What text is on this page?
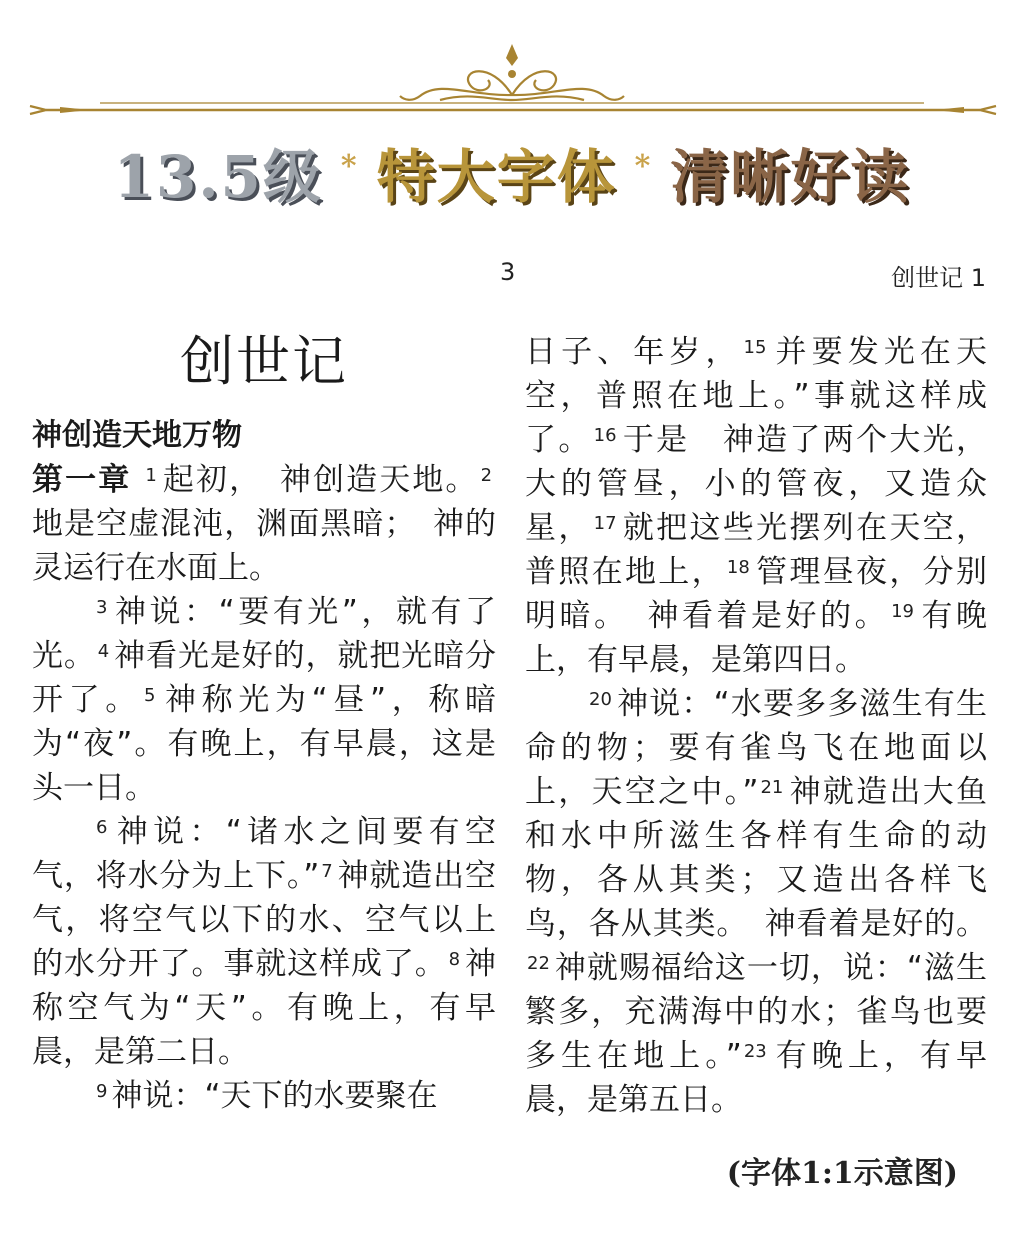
13.5级 * 特大字体 * 清晰好读
3	创世记 1
创世记
神创造天地万物

第一章 $^1$ 起初，　神创造天地。 $^2$地是空虚混沌，渊面黑暗；　神的灵运行在水面上。

$^3$ 神说：“要有光”，就有了光。 $^4$ 神看光是好的，就把光暗分开了。 $^5$ 神称光为“昼”，称暗为“夜”。有晚上，有早晨，这是头一日。

$^6$ 神说：“诸水之间要有空气，将水分为上下。” $^7$ 神就造出空气，将空气以下的水、空气以上的水分开了。事就这样成了。 $^8$ 神称空气为“天”。有晚上，有早晨，是第二日。

$^9$ 神说：“天下的水要聚在

日子、年岁， $^{15}$ 并要发光在天空，普照在地上。”事就这样成了。 $^{16}$ 于是　神造了两个大光，大的管昼，小的管夜，又造众星， $^{17}$ 就把这些光摆列在天空，普照在地上， $^{18}$ 管理昼夜，分别明暗。　神看着是好的。 $^{19}$ 有晚上，有早晨，是第四日。

$^{20}$ 神说：“水要多多滋生有生命的物；要有雀鸟飞在地面以上，天空之中。” $^{21}$ 神就造出大鱼和水中所滋生各样有生命的动物，各从其类；又造出各样飞鸟，各从其类。　神看着是好的。$^{22}$ 神就赐福给这一切，说：“滋生繁多，充满海中的水；雀鸟也要多生在地上。” $^{23}$ 有晚上，有早晨，是第五日。

(字体1:1示意图)
